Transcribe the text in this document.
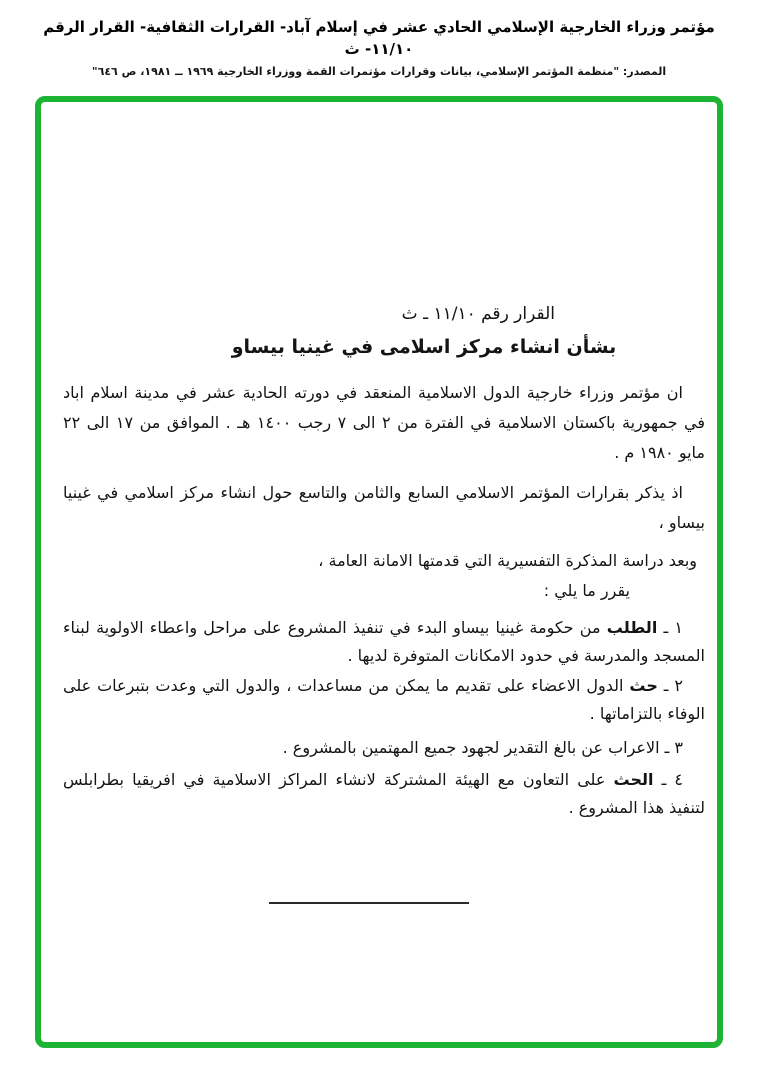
مؤتمر وزراء الخارجية الإسلامي الحادي عشر في إسلام آباد- القرارات الثقافية- القرار الرقم ١١/١٠- ث
المصدر: "منظمة المؤتمر الإسلامي، بيانات وقرارات مؤتمرات القمة ووزراء الخارجية ١٩٦٩ ــ ١٩٨١، ص ٦٤٦"
القرار رقم ١١/١٠ ـ ث
بشأن انشاء مركز اسلامى في غينيا بيساو
ان مؤتمر وزراء خارجية الدول الاسلامية المنعقد في دورته الحادية عشر في مدينة اسلام اباد في جمهورية باكستان الاسلامية في الفترة من ٢ الى ٧ رجب ١٤٠٠ هـ . الموافق من ١٧ الى ٢٢ مايو ١٩٨٠ م .
اذ يذكر بقرارات المؤتمر الاسلامي السابع والثامن والتاسع حول انشاء مركز اسلامي في غينيا بيساو ،
وبعد دراسة المذكرة التفسيرية التي قدمتها الامانة العامة ،
يقرر ما يلي :
١ ـ الطلب من حكومة غينيا بيساو البدء في تنفيذ المشروع على مراحل واعطاء الاولوية لبناء المسجد والمدرسة في حدود الامكانات المتوفرة لديها .
٢ ـ حث الدول الاعضاء على تقديم ما يمكن من مساعدات ، والدول التي وعدت بتبرعات على الوفاء بالتزاماتها .
٣ ـ الاعراب عن بالغ التقدير لجهود جميع المهتمين بالمشروع .
٤ ـ الحث على التعاون مع الهيئة المشتركة لانشاء المراكز الاسلامية في افريقيا بطرابلس لتنفيذ هذا المشروع .
